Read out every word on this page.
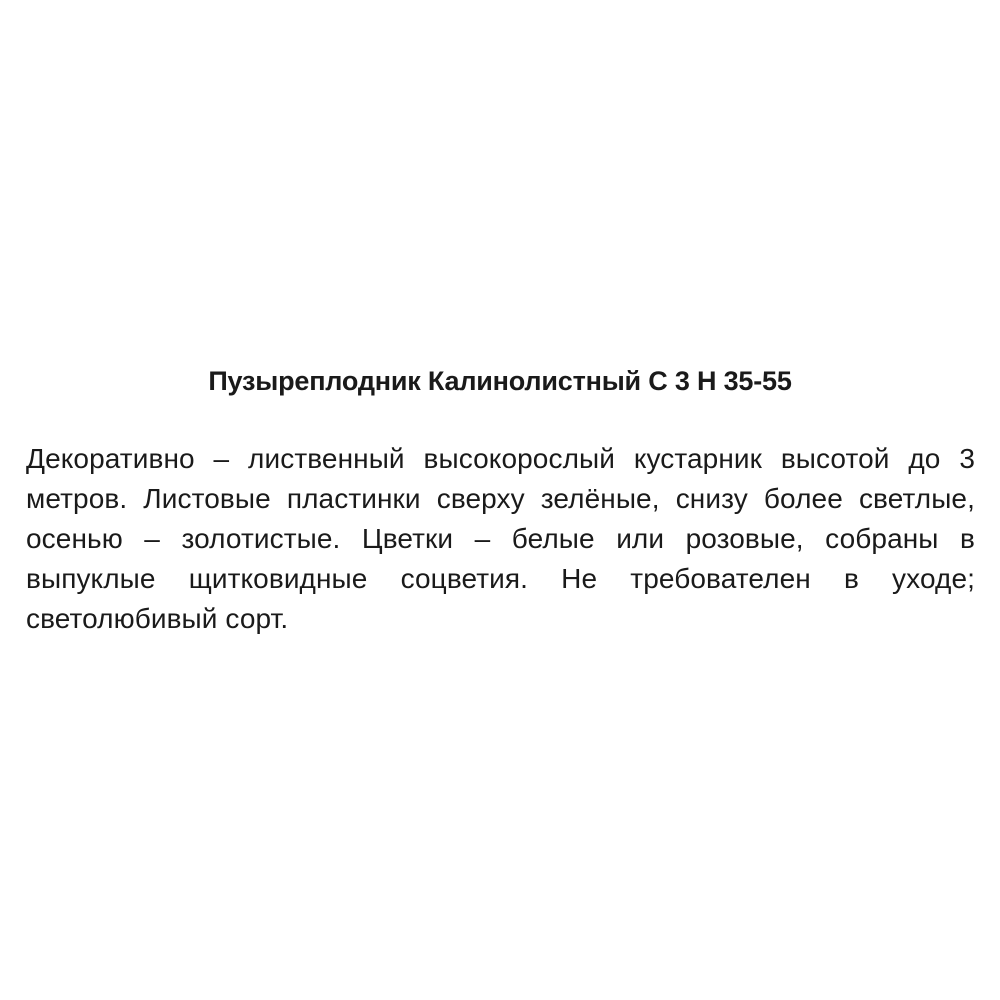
Пузыреплодник Калинолистный С 3 Н 35-55

Декоративно – лиственный высокорослый кустарник высотой до 3 метров. Листовые пластинки сверху зелёные, снизу более светлые, осенью – золотистые. Цветки – белые или розовые, собраны в выпуклые щитковидные соцветия. Не требователен в уходе; светолюбивый сорт.
